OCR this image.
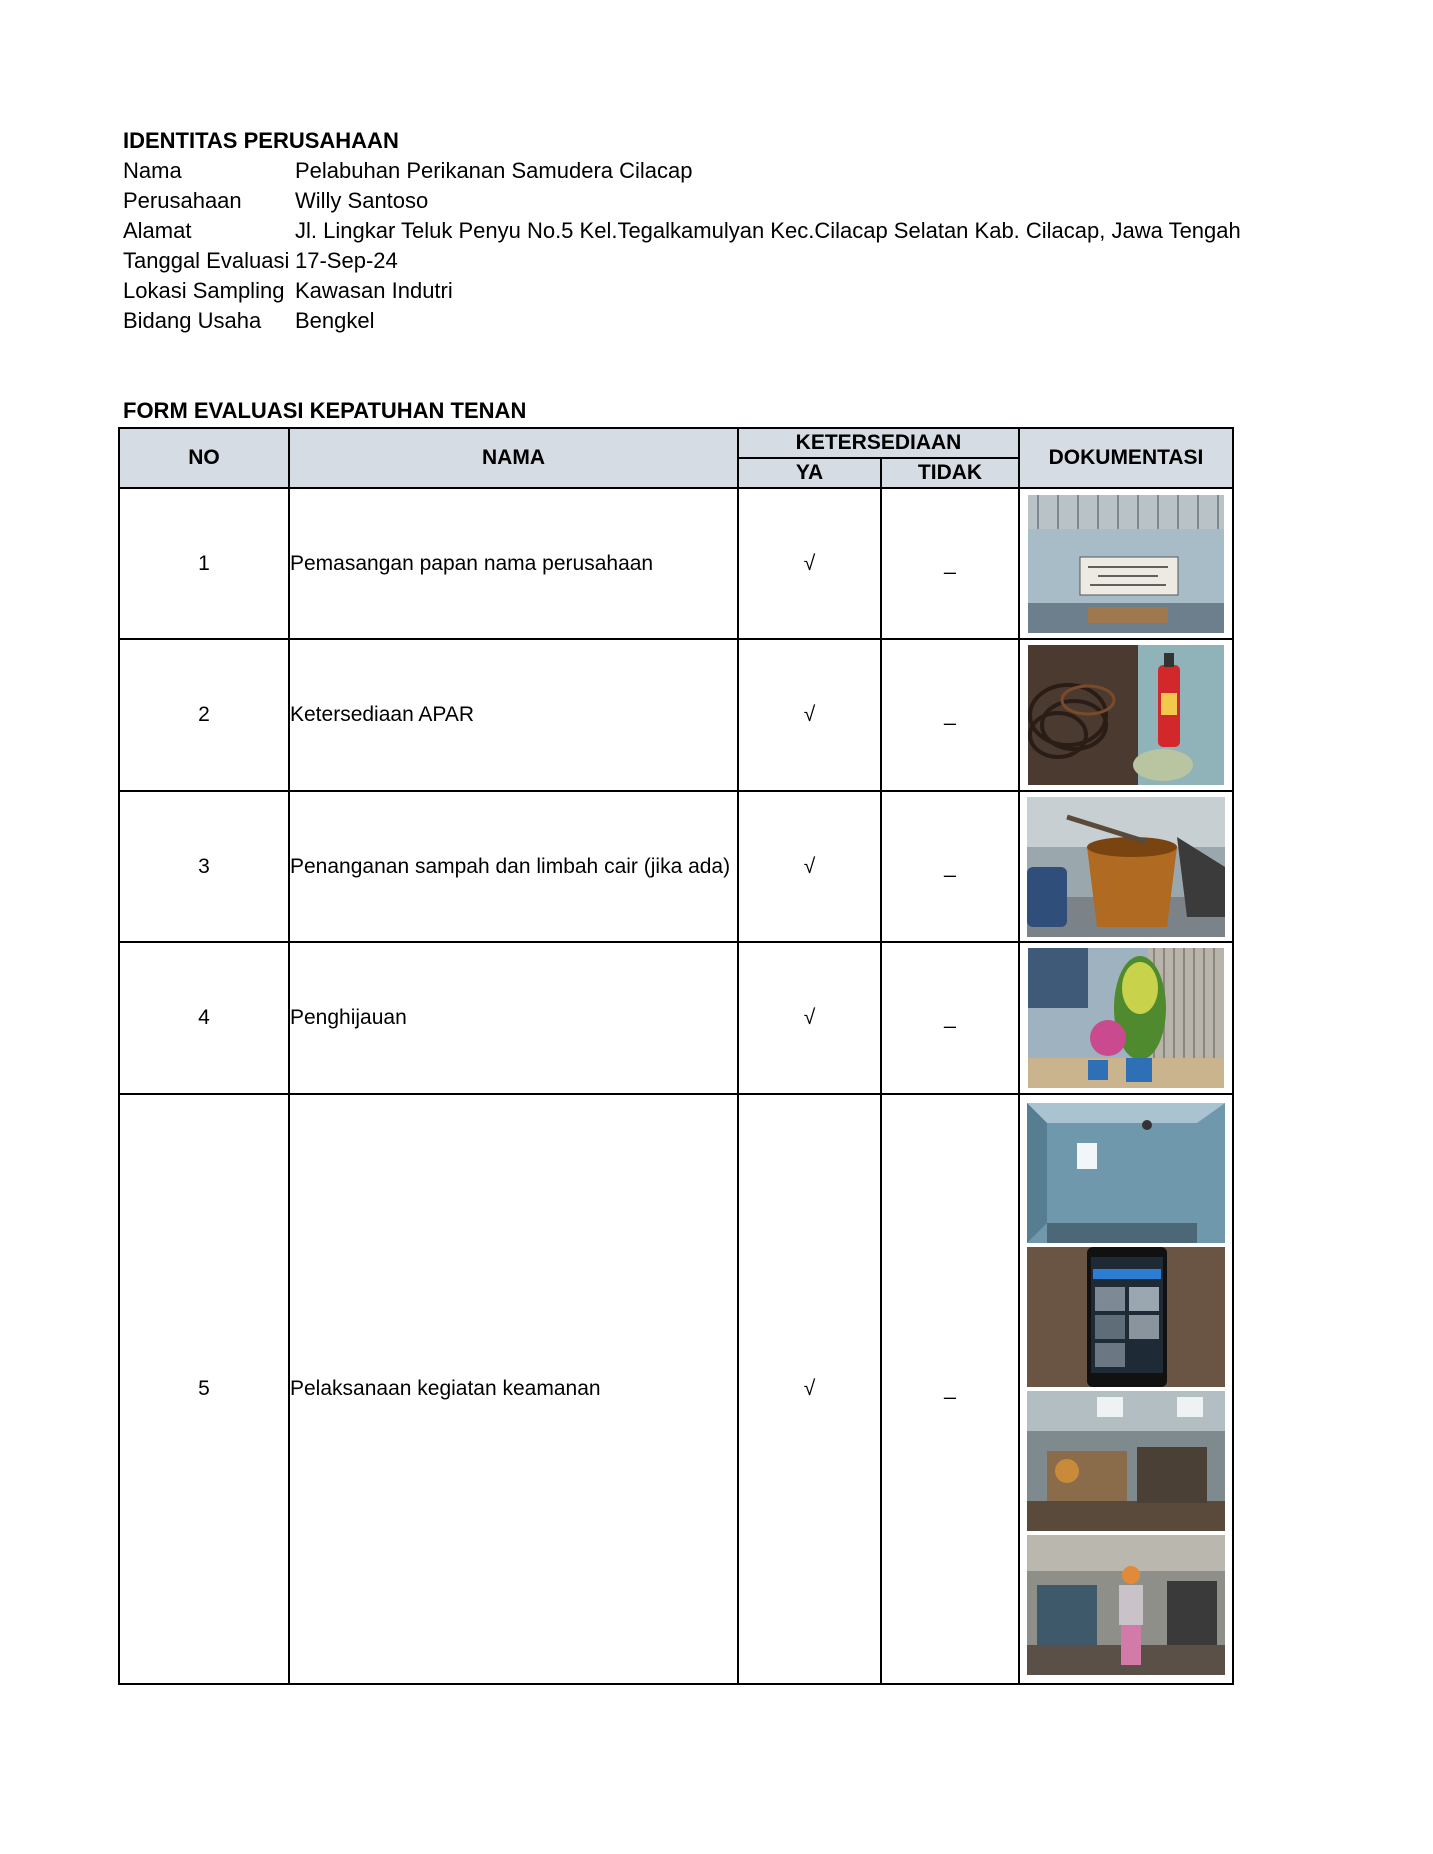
IDENTITAS PERUSAHAAN
Nama	Pelabuhan Perikanan Samudera Cilacap
Perusahaan	Willy Santoso
Alamat	Jl. Lingkar Teluk Penyu No.5 Kel.Tegalkamulyan Kec.Cilacap Selatan Kab. Cilacap, Jawa Tengah
Tanggal Evaluasi 17-Sep-24
Lokasi Sampling Kawasan Indutri
Bidang Usaha	Bengkel
FORM EVALUASI KEPATUHAN TENAN
NO	NAMA	KETERSEDIAAN		DOKUMENTASI
		YA	TIDAK	
1	Pemasangan papan nama perusahaan	√	_	

2	Ketersediaan APAR	√	_	

3	Penanganan sampah dan limbah cair (jika ada)	√	_	

4	Penghijauan	√	_	

5	Pelaksanaan kegiatan keamanan	√	_	
